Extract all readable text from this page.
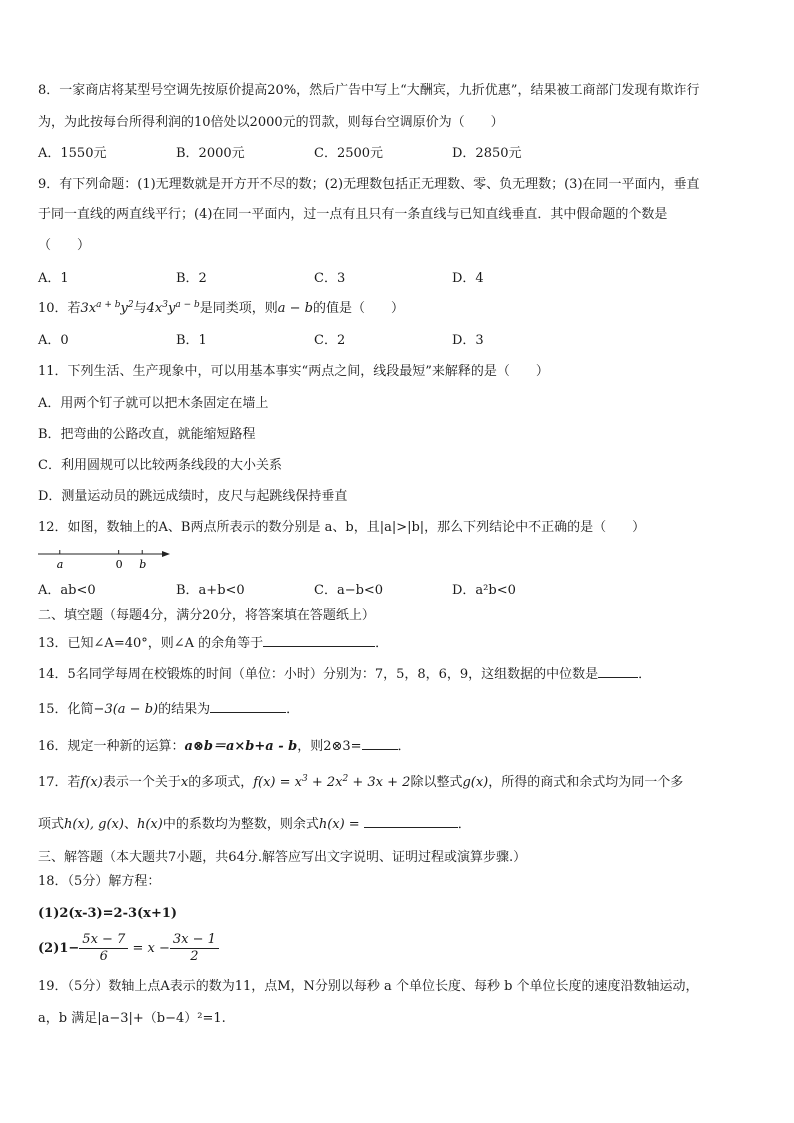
8．一家商店将某型号空调先按原价提高20%，然后广告中写上“大酬宾，九折优惠”，结果被工商部门发现有欺诈行
为，为此按每台所得利润的10倍处以2000元的罚款，则每台空调原价为（　　）
A．1550元	B．2000元	C．2500元	D．2850元
9．有下列命题：(1)无理数就是开方开不尽的数；(2)无理数包括正无理数、零、负无理数；(3)在同一平面内，垂直
于同一直线的两直线平行；(4)在同一平面内，过一点有且只有一条直线与已知直线垂直．其中假命题的个数是
（　　）
A．1	B．2	C．3	D．4
10．若$3x^{a + b}y^2$与$4x^3y^{a - b}$是同类项，则a − b的值是（　　）
A．0	B．1	C．2	D．3
11．下列生活、生产现象中，可以用基本事实“两点之间，线段最短”来解释的是（　　）
A．用两个钉子就可以把木条固定在墙上
B．把弯曲的公路改直，就能缩短路程
C．利用圆规可以比较两条线段的大小关系
D．测量运动员的跳远成绩时，皮尺与起跳线保持垂直
12．如图，数轴上的A、B两点所表示的数分别是 a、b，且|a|>|b|，那么下列结论中不正确的是（　　）
a	0 b
A．ab<0	B．a+b<0	C．a−b<0	D．a²b<0
二、填空题（每题4分，满分20分，将答案填在答题纸上）
13．已知∠A=40°，则∠A 的余角等于	．
14．5名同学每周在校锻炼的时间（单位：小时）分别为：7，5，8，6，9，这组数据的中位数是	．
15．化简−3(a − b)的结果为	．
16．规定一种新的运算：a⊗b＝a×b+a - b，则2⊗3=	．
17．若f(x)表示一个关于x的多项式，$f(x) = x^3 + 2x^2 + 3x + 2$除以整式g(x)，所得的商式和余式均为同一个多
项式h(x), g(x)、h(x)中的系数均为整数，则余式h(x) =	．
三、解答题（本大题共7小题，共64分.解答应写出文字说明、证明过程或演算步骤.）
18．（5分）解方程：
(1)2(x-3)=2-3(x+1)
$(2)1- \frac{5x - 7}{6} = x - \frac{3x - 1}{2}$
19．（5分）数轴上点A表示的数为11，点M，N分别以每秒 a 个单位长度、每秒 b 个单位长度的速度沿数轴运动，
a，b 满足|a−3|+（b−4）²=1.
